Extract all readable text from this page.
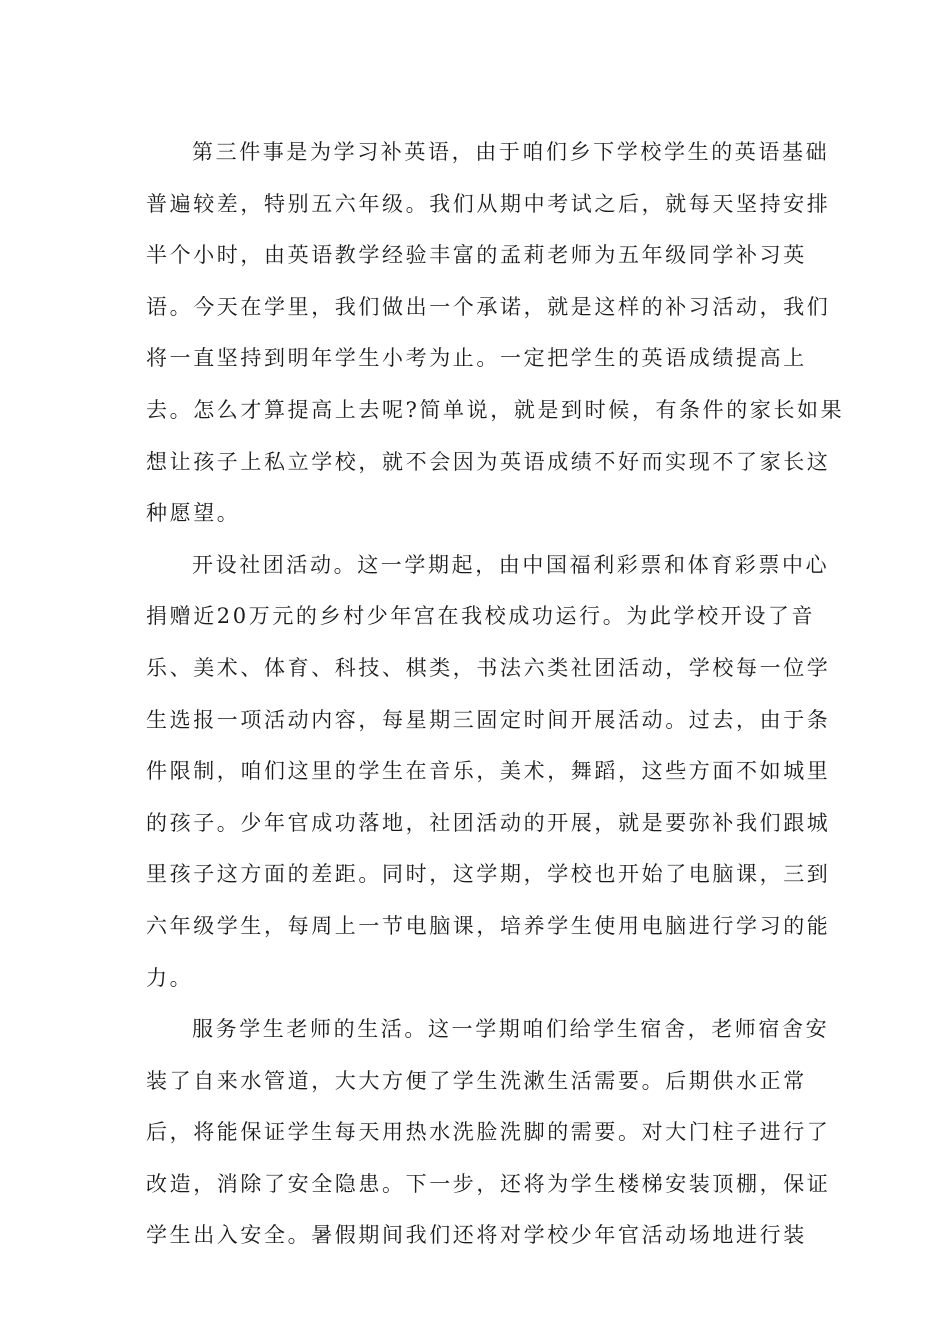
第三件事是为学习补英语，由于咱们乡下学校学生的英语基础
普遍较差，特别五六年级。我们从期中考试之后，就每天坚持安排
半个小时，由英语教学经验丰富的孟莉老师为五年级同学补习英
语。今天在学里，我们做出一个承诺，就是这样的补习活动，我们
将一直坚持到明年学生小考为止。一定把学生的英语成绩提高上
去。怎么才算提高上去呢?简单说，就是到时候，有条件的家长如果
想让孩子上私立学校，就不会因为英语成绩不好而实现不了家长这
种愿望。
开设社团活动。这一学期起，由中国福利彩票和体育彩票中心
捐赠近20万元的乡村少年宫在我校成功运行。为此学校开设了音
乐、美术、体育、科技、棋类，书法六类社团活动，学校每一位学
生选报一项活动内容，每星期三固定时间开展活动。过去，由于条
件限制，咱们这里的学生在音乐，美术，舞蹈，这些方面不如城里
的孩子。少年官成功落地，社团活动的开展，就是要弥补我们跟城
里孩子这方面的差距。同时，这学期，学校也开始了电脑课，三到
六年级学生，每周上一节电脑课，培养学生使用电脑进行学习的能
力。
服务学生老师的生活。这一学期咱们给学生宿舍，老师宿舍安
装了自来水管道，大大方便了学生洗漱生活需要。后期供水正常
后，将能保证学生每天用热水洗脸洗脚的需要。对大门柱子进行了
改造，消除了安全隐患。下一步，还将为学生楼梯安装顶棚，保证
学生出入安全。暑假期间我们还将对学校少年官活动场地进行装
